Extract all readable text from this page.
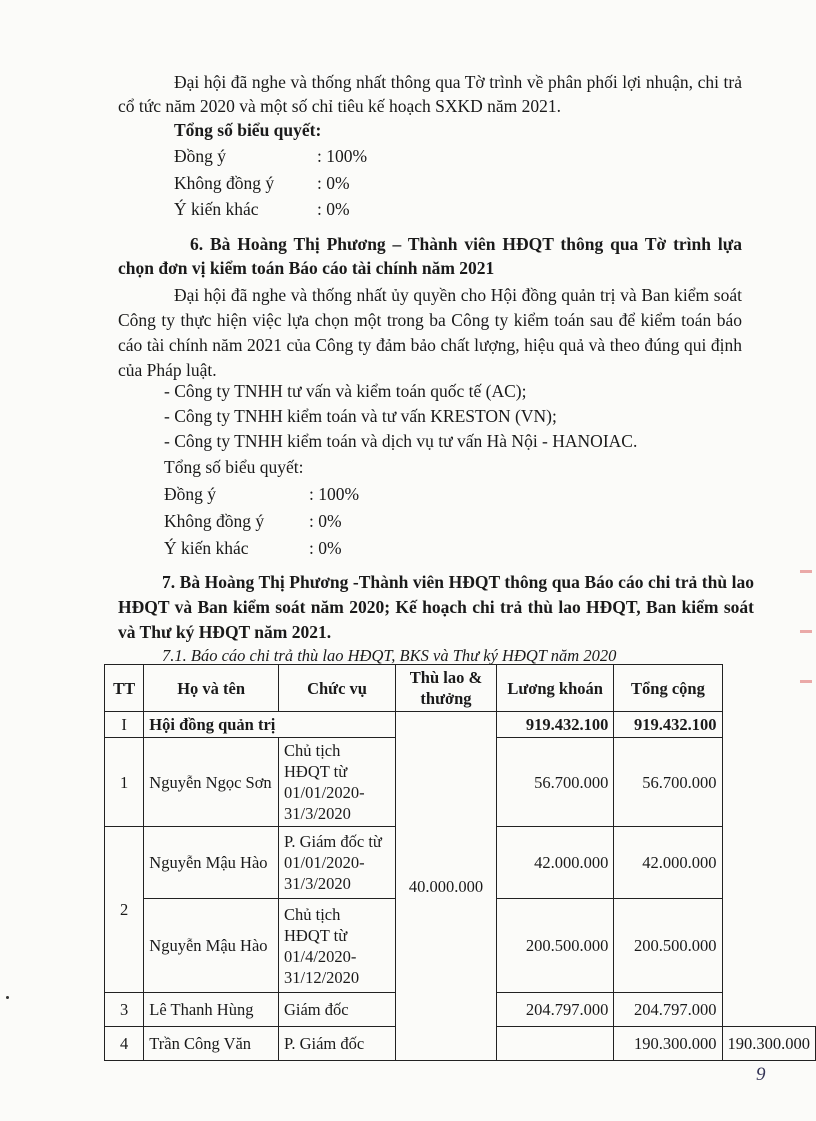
Đại hội đã nghe và thống nhất thông qua Tờ trình về phân phối lợi nhuận, chi trả cổ tức năm 2020 và một số chỉ tiêu kế hoạch SXKD năm 2021.
Tổng số biểu quyết:
Đồng ý	: 100%
Không đồng ý : 0%
Ý kiến khác	: 0%
6. Bà Hoàng Thị Phương – Thành viên HĐQT thông qua Tờ trình lựa chọn đơn vị kiểm toán Báo cáo tài chính năm 2021
Đại hội đã nghe và thống nhất ủy quyền cho Hội đồng quản trị và Ban kiểm soát Công ty thực hiện việc lựa chọn một trong ba Công ty kiểm toán sau để kiểm toán báo cáo tài chính năm 2021 của Công ty đảm bảo chất lượng, hiệu quả và theo đúng qui định của Pháp luật.
- Công ty TNHH tư vấn và kiểm toán quốc tế (AC);
- Công ty TNHH kiểm toán và tư vấn KRESTON (VN);
- Công ty TNHH kiểm toán và dịch vụ tư vấn Hà Nội - HANOIAC.
Tổng số biểu quyết:
Đồng ý	: 100%
Không đồng ý	: 0%
Ý kiến khác	: 0%
7. Bà Hoàng Thị Phương -Thành viên HĐQT thông qua Báo cáo chi trả thù lao HĐQT và Ban kiểm soát năm 2020; Kế hoạch chi trả thù lao HĐQT, Ban kiểm soát và Thư ký HĐQT năm 2021.
7.1. Báo cáo chi trả thù lao HĐQT, BKS và Thư ký HĐQT năm 2020
TT	Họ và tên	Chức vụ	Thù lao & thưởng	Lương khoán	Tổng cộng	
I	Hội đồng quản trị		40.000.000	919.432.100	919.432.100	
1	Nguyễn Ngọc Sơn	Chủ tịch HĐQT từ 01/01/2020-31/3/2020		56.700.000	56.700.000	
2	Nguyễn Mậu Hào	P. Giám đốc từ 01/01/2020-31/3/2020		42.000.000	42.000.000	
	Nguyễn Mậu Hào	Chủ tịch HĐQT từ 01/4/2020-31/12/2020		200.500.000	200.500.000	
3	Lê Thanh Hùng	Giám đốc		204.797.000	204.797.000	
4	Trần Công Văn	P. Giám đốc			190.300.000	190.300.000
9
